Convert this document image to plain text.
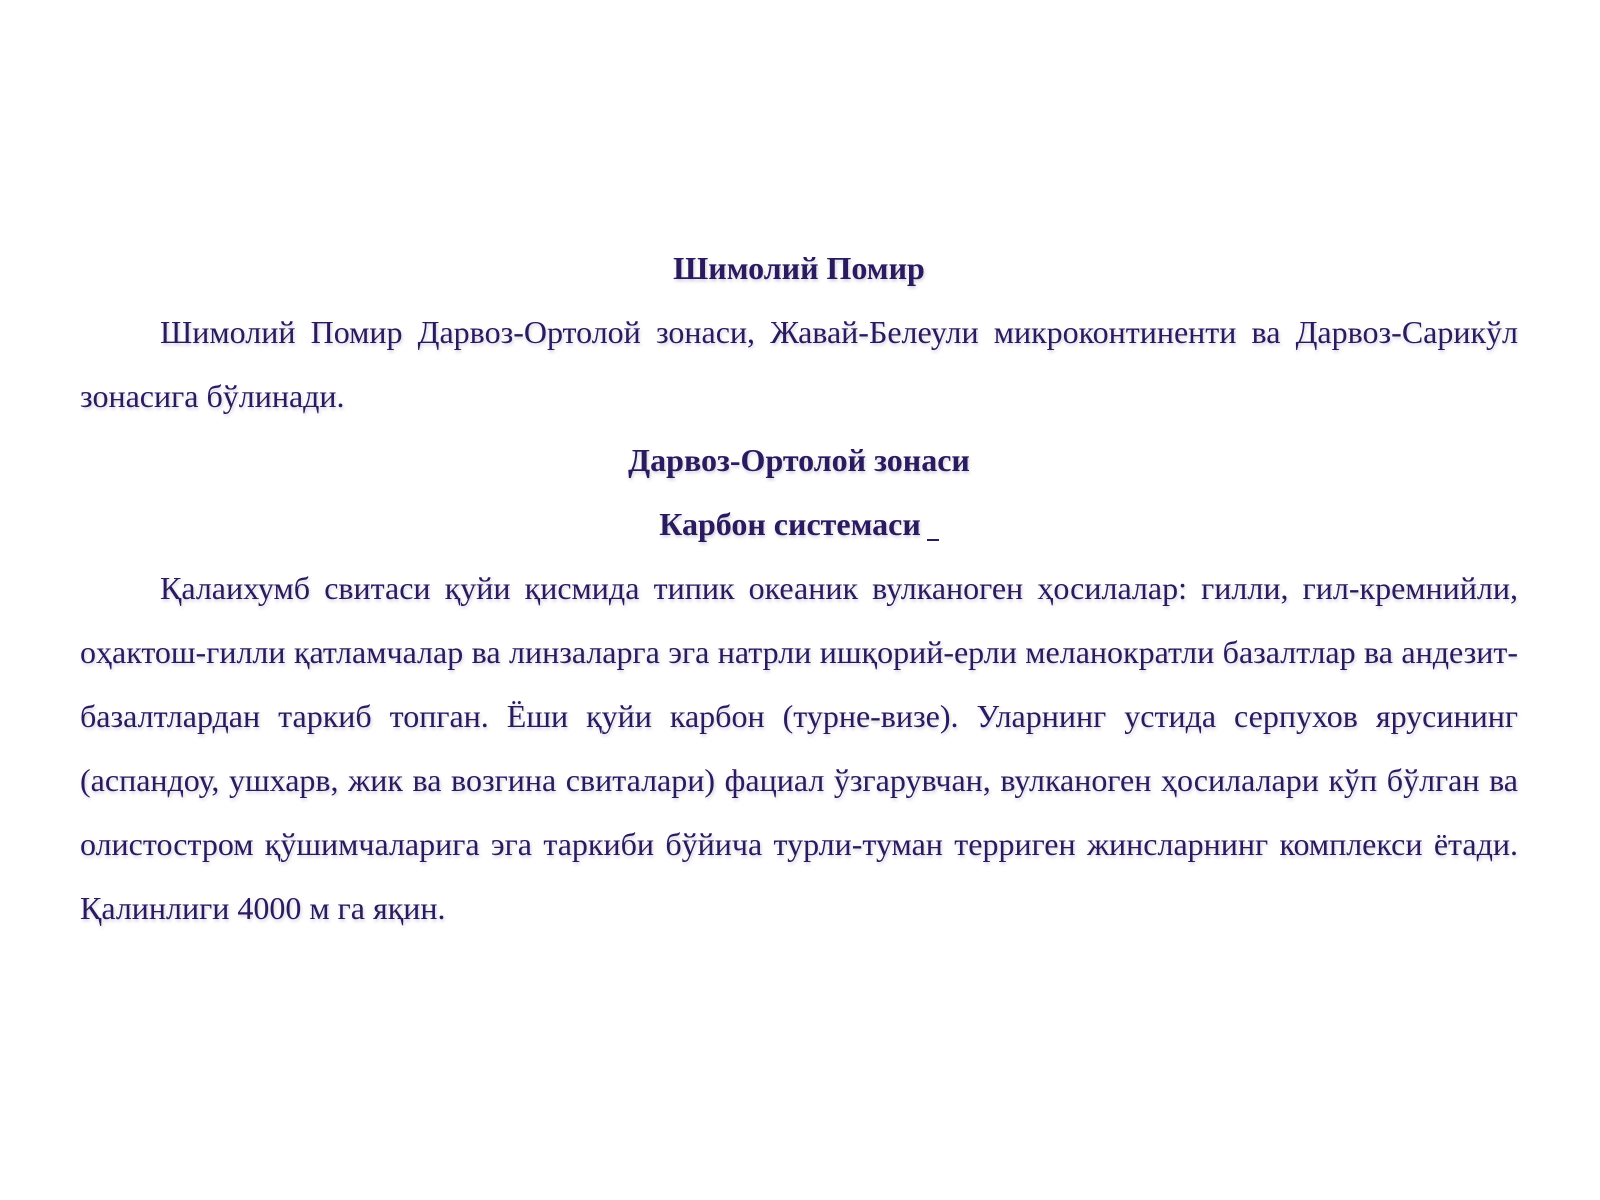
Шимолий Помир

Шимолий Помир Дарвоз-Ортолой зонаси, Жавай-Белеули микроконтиненти ва Дарвоз-Сарикўл зонасига бўлинади.

Дарвоз-Ортолой зонаси
Карбон системаси

Қалаихумб свитаси қуйи қисмида типик океаник вулканоген ҳосилалар: гилли, гил-кремнийли, оҳактош-гилли қатламчалар ва линзаларга эга натрли ишқорий-ерли меланократли базалтлар ва андезит-базалтлардан таркиб топган. Ёши қуйи карбон (турне-визе). Уларнинг устида серпухов ярусининг (аспандоу, ушхарв, жик ва возгина свиталари) фациал ўзгарувчан, вулканоген ҳосилалари кўп бўлган ва олистостром қўшимчаларига эга таркиби бўйича турли-туман терриген жинсларнинг комплекси ётади. Қалинлиги 4000 м га яқин.
